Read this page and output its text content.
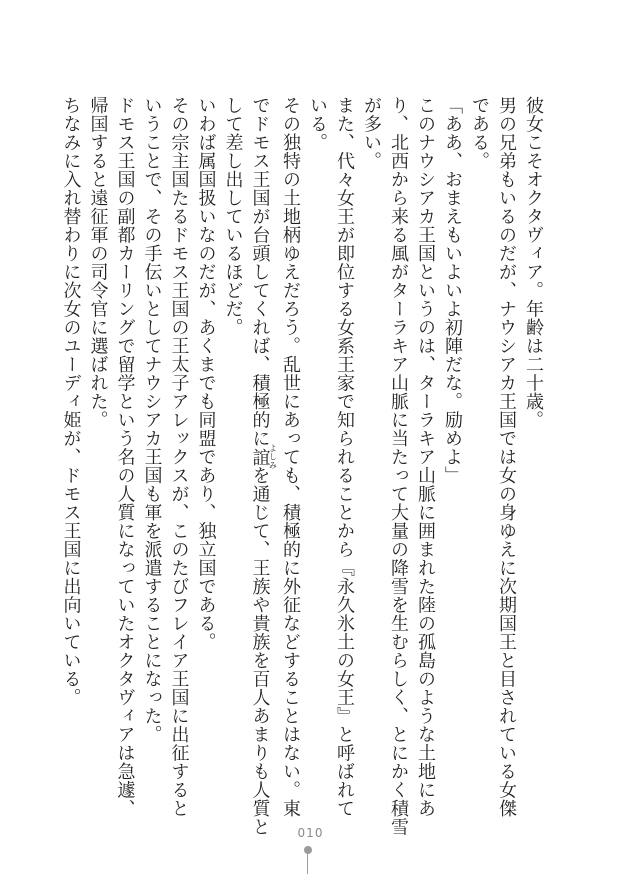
彼女こそオクタヴィア。年齢は二十歳。
男の兄弟もいるのだが、ナウシアカ王国では女の身ゆえに次期国王と目されている女傑
である。
「ああ、おまえもいよいよ初陣だな。励めよ」
このナウシアカ王国というのは、ターラキア山脈に囲まれた陸の孤島のような土地にあ
り、北西から来る風がターラキア山脈に当たって大量の降雪を生むらしく、とにかく積雪
が多い。
また、代々女王が即位する女系王家で知られることから『永久氷土の女王』と呼ばれて
いる。
その独特の土地柄ゆえだろう。乱世にあっても、積極的に外征などすることはない。東
でドモス王国が台頭してくれば、積極的に誼よしみを通じて、王族や貴族を百人あまりも人質と
して差し出しているほどだ。
いわば属国扱いなのだが、あくまでも同盟であり、独立国である。
その宗主国たるドモス王国の王太子アレックスが、このたびフレイア王国に出征すると
いうことで、その手伝いとしてナウシアカ王国も軍を派遣することになった。
ドモス王国の副都カーリングで留学という名の人質になっていたオクタヴィアは急遽、
帰国すると遠征軍の司令官に選ばれた。
ちなみに入れ替わりに次女のユーディ姫が、ドモス王国に出向いている。
010
